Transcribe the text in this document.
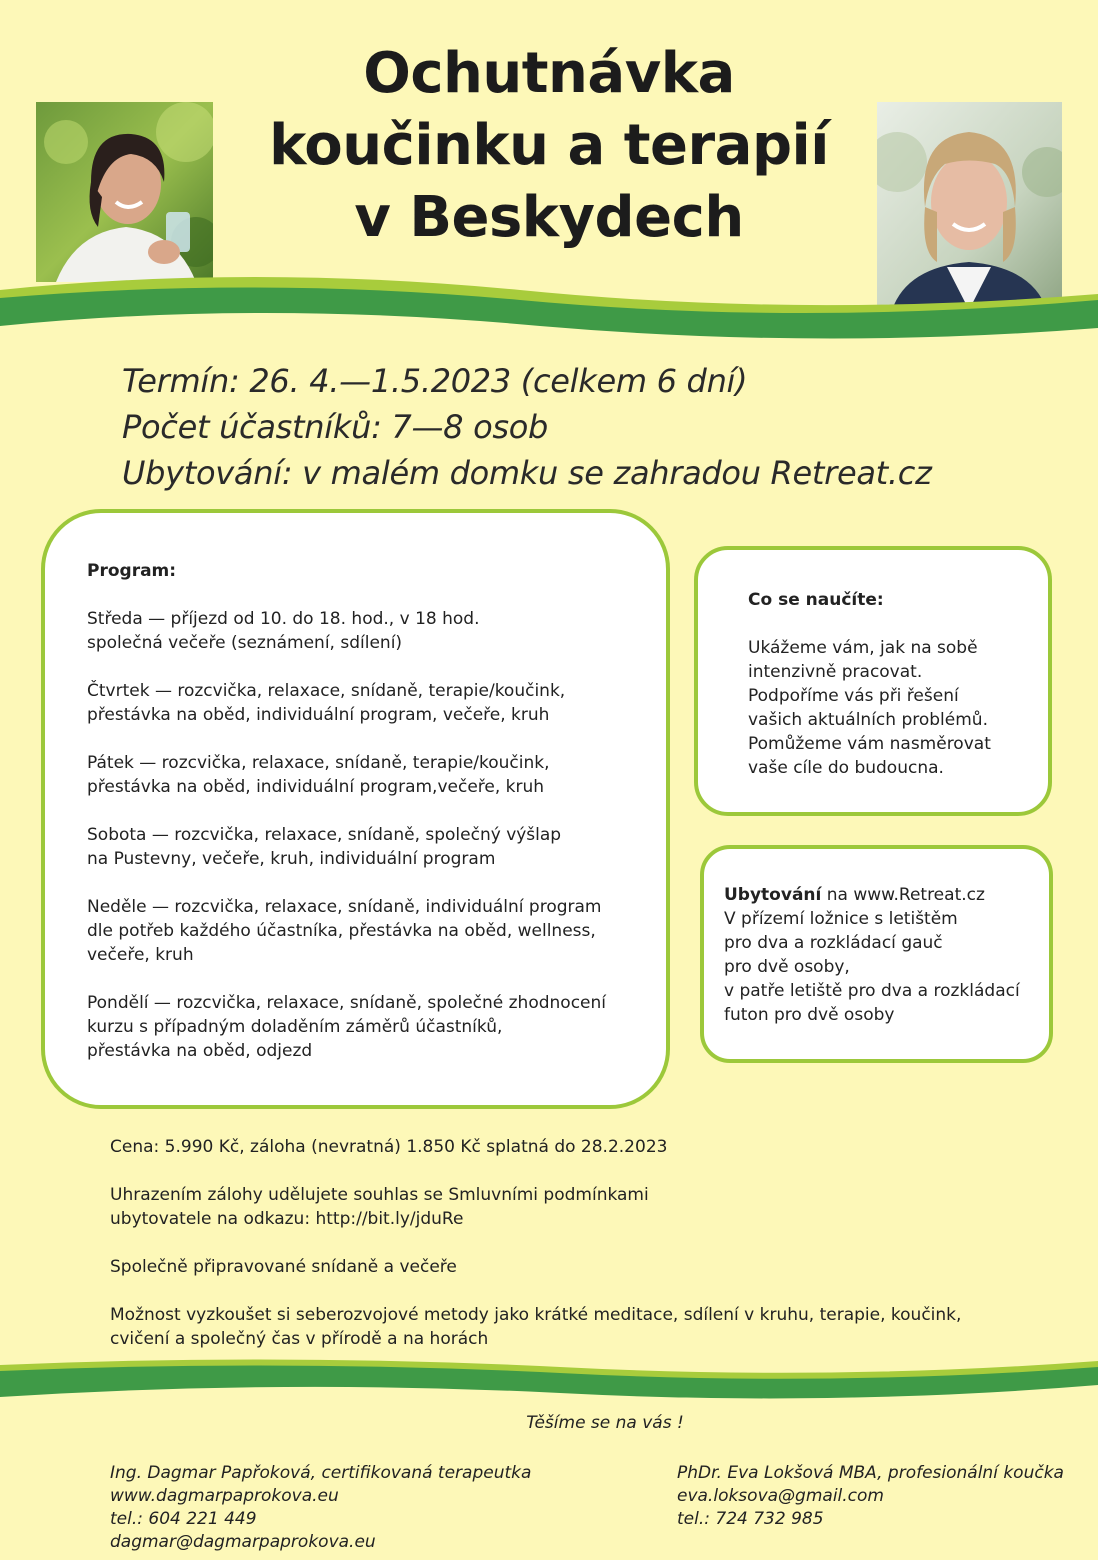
Ochutnávka
koučinku a terapií
v Beskydech
Termín: 26. 4.—1.5.2023 (celkem 6 dní)
Počet účastníků: 7—8 osob
Ubytování: v malém domku se zahradou Retreat.cz
Program:
Středa — příjezd od 10. do 18. hod., v 18 hod.
společná večeře (seznámení, sdílení)
Čtvrtek — rozcvička, relaxace, snídaně, terapie/koučink,
přestávka na oběd, individuální program, večeře, kruh
Pátek — rozcvička, relaxace, snídaně, terapie/koučink,
přestávka na oběd, individuální program,večeře, kruh
Sobota — rozcvička, relaxace, snídaně, společný výšlap
na Pustevny, večeře, kruh, individuální program
Neděle — rozcvička, relaxace, snídaně, individuální program
dle potřeb každého účastníka, přestávka na oběd, wellness,
večeře, kruh
Pondělí — rozcvička, relaxace, snídaně, společné zhodnocení
kurzu s případným doladěním záměrů účastníků,
přestávka na oběd, odjezd
Co se naučíte:
Ukážeme vám, jak na sobě
intenzivně pracovat.
Podpoříme vás při řešení
vašich aktuálních problémů.
Pomůžeme vám nasměrovat
vaše cíle do budoucna.
Ubytování na www.Retreat.cz
V přízemí ložnice s letištěm
pro dva a rozkládací gauč
pro dvě osoby,
v patře letiště pro dva a rozkládací
futon pro dvě osoby

Cena: 5.990 Kč, záloha (nevratná) 1.850 Kč splatná do 28.2.2023

Uhrazením zálohy udělujete souhlas se Smluvními podmínkami
ubytovatele na odkazu: http://bit.ly/jduRe

Společně připravované snídaně a večeře

Možnost vyzkoušet si seberozvojové metody jako krátké meditace, sdílení v kruhu, terapie, koučink,
cvičení a společný čas v přírodě a na horách

Těšíme se na vás !
Ing. Dagmar Papřoková, certifikovaná terapeutka
www.dagmarpaprokova.eu
tel.: 604 221 449
dagmar@dagmarpaprokova.eu
PhDr. Eva Lokšová MBA, profesionální koučka
eva.loksova@gmail.com
tel.: 724 732 985
